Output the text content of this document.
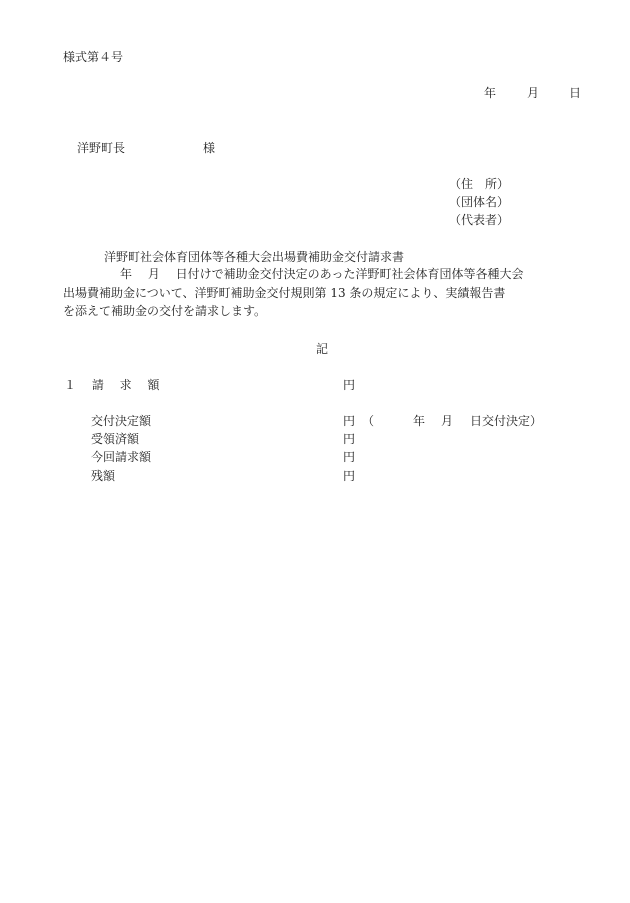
様式第４号
年	月 日
洋野町長	様
（住　所）
（団体名）
（代表者）
洋野町社会体育団体等各種大会出場費補助金交付請求書
年　 月　 日付けで補助金交付決定のあった洋野町社会体育団体等各種大会
出場費補助金について、洋野町補助金交付規則第 13 条の規定により、実績報告書
を添えて補助金の交付を請求します。
記
１　 請　 求　 額	円
交付決定額	円 （	年 月 日交付決定）
受領済額	円
今回請求額	円
残額	円
